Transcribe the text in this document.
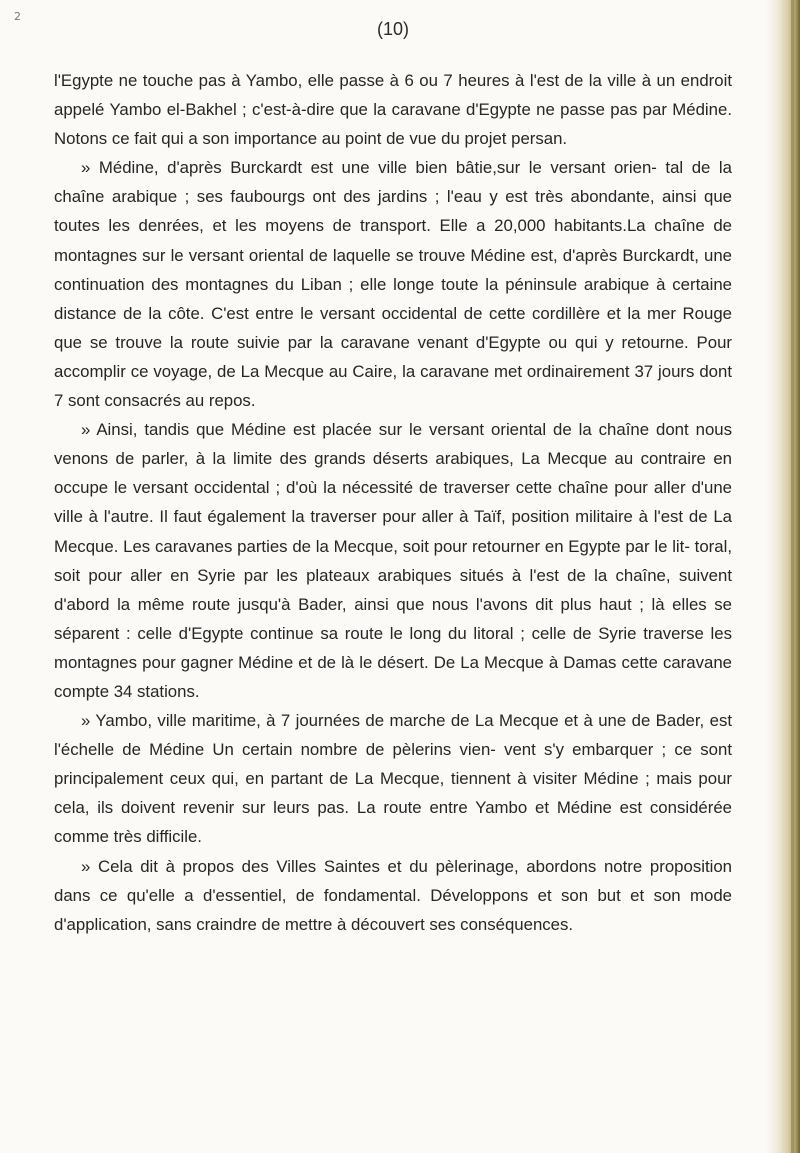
2
(10)

l'Egypte ne touche pas à Yambo, elle passe à 6 ou 7 heures à l'est de la ville à un endroit appelé Yambo el-Bakhel ; c'est-à-dire que la caravane d'Egypte ne passe pas par Médine. Notons ce fait qui a son importance au point de vue du projet persan.

» Médine, d'après Burckardt est une ville bien bâtie,sur le versant orien- tal de la chaîne arabique ; ses faubourgs ont des jardins ; l'eau y est très abondante, ainsi que toutes les denrées, et les moyens de transport. Elle a 20,000 habitants.La chaîne de montagnes sur le versant oriental de laquelle se trouve Médine est, d'après Burckardt, une continuation des montagnes du Liban ; elle longe toute la péninsule arabique à certaine distance de la côte. C'est entre le versant occidental de cette cordillère et la mer Rouge que se trouve la route suivie par la caravane venant d'Egypte ou qui y retourne. Pour accomplir ce voyage, de La Mecque au Caire, la caravane met ordinairement 37 jours dont 7 sont consacrés au repos.

» Ainsi, tandis que Médine est placée sur le versant oriental de la chaîne dont nous venons de parler, à la limite des grands déserts arabiques, La Mecque au contraire en occupe le versant occidental ; d'où la nécessité de traverser cette chaîne pour aller d'une ville à l'autre. Il faut également la traverser pour aller à Taïf, position militaire à l'est de La Mecque. Les caravanes parties de la Mecque, soit pour retourner en Egypte par le lit- toral, soit pour aller en Syrie par les plateaux arabiques situés à l'est de la chaîne, suivent d'abord la même route jusqu'à Bader, ainsi que nous l'avons dit plus haut ; là elles se séparent : celle d'Egypte continue sa route le long du litoral ; celle de Syrie traverse les montagnes pour gagner Médine et de là le désert. De La Mecque à Damas cette caravane compte 34 stations.

» Yambo, ville maritime, à 7 journées de marche de La Mecque et à une de Bader, est l'échelle de Médine Un certain nombre de pèlerins vien- vent s'y embarquer ; ce sont principalement ceux qui, en partant de La Mecque, tiennent à visiter Médine ; mais pour cela, ils doivent revenir sur leurs pas. La route entre Yambo et Médine est considérée comme très difficile.

» Cela dit à propos des Villes Saintes et du pèlerinage, abordons notre proposition dans ce qu'elle a d'essentiel, de fondamental. Développons et son but et son mode d'application, sans craindre de mettre à découvert ses conséquences.
